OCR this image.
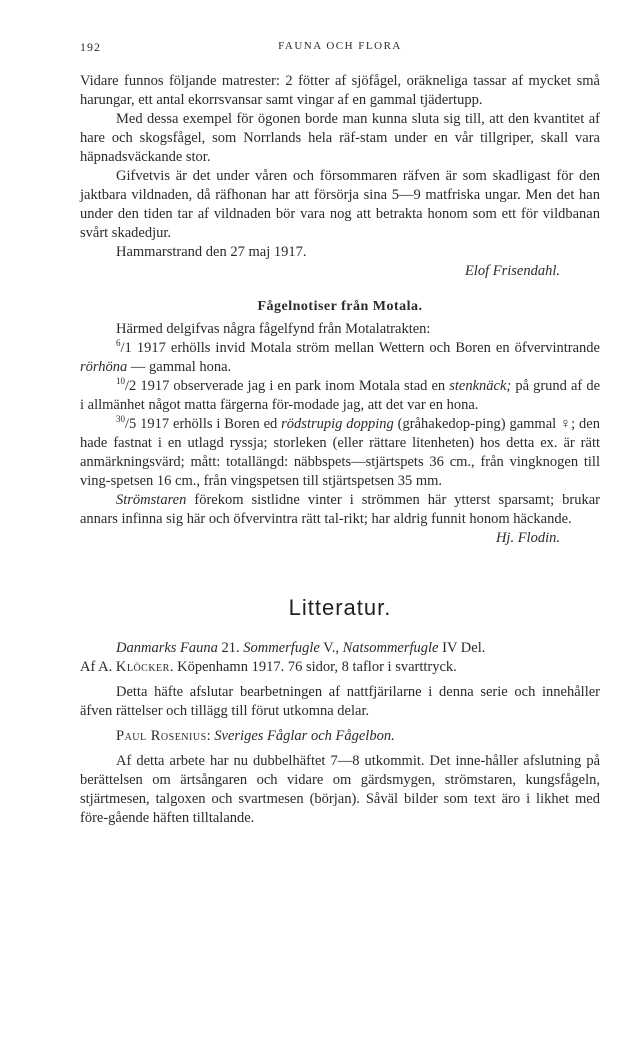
192	FAUNA OCH FLORA

Vidare funnos följande matrester: 2 fötter af sjöfågel, oräkneliga tassar af mycket små harungar, ett antal ekorrsvansar samt vingar af en gammal tjädertupp.

Med dessa exempel för ögonen borde man kunna sluta sig till, att den kvantitet af hare och skogsfågel, som Norrlands hela räf-stam under en vår tillgriper, skall vara häpnadsväckande stor.

Gifvetvis är det under våren och försommaren räfven är som skadligast för den jaktbara vildnaden, då räfhonan har att försörja sina 5—9 matfriska ungar. Men det han under den tiden tar af vildnaden bör vara nog att betrakta honom som ett för vildbanan svårt skadedjur.

Hammarstrand den 27 maj 1917.

Elof Frisendahl.

Fågelnotiser från Motala.

Härmed delgifvas några fågelfynd från Motalatrakten:

$^6$/1 1917 erhölls invid Motala ström mellan Wettern och Boren en öfvervintrande rörhöna — gammal hona.

$^{10}$/2 1917 observerade jag i en park inom Motala stad en stenknäck; på grund af de i allmänhet något matta färgerna för-modade jag, att det var en hona.

$^{30}$/5 1917 erhölls i Boren ed rödstrupig dopping (gråhakedop-ping) gammal ♀; den hade fastnat i en utlagd ryssja; storleken (eller rättare litenheten) hos detta ex. är rätt anmärkningsvärd; mått: totallängd: näbbspets—stjärtspets 36 cm., från vingknogen till ving-spetsen 16 cm., från vingspetsen till stjärtspetsen 35 mm.

Strömstaren förekom sistlidne vinter i strömmen här ytterst sparsamt; brukar annars infinna sig här och öfvervintra rätt tal-rikt; har aldrig funnit honom häckande.

Hj. Flodin.

Litteratur.

Danmarks Fauna 21. Sommerfugle V., Natsommerfugle IV Del.

Af A. Klöcker. Köpenhamn 1917. 76 sidor, 8 taflor i svarttryck.

Detta häfte afslutar bearbetningen af nattfjärilarne i denna serie och innehåller äfven rättelser och tillägg till förut utkomna delar.

Paul Rosenius: Sveriges Fåglar och Fågelbon.

Af detta arbete har nu dubbelhäftet 7—8 utkommit. Det inne-håller afslutning på berättelsen om ärtsångaren och vidare om gärdsmygen, strömstaren, kungsfågeln, stjärtmesen, talgoxen och svartmesen (början). Såväl bilder som text äro i likhet med före-gående häften tilltalande.
